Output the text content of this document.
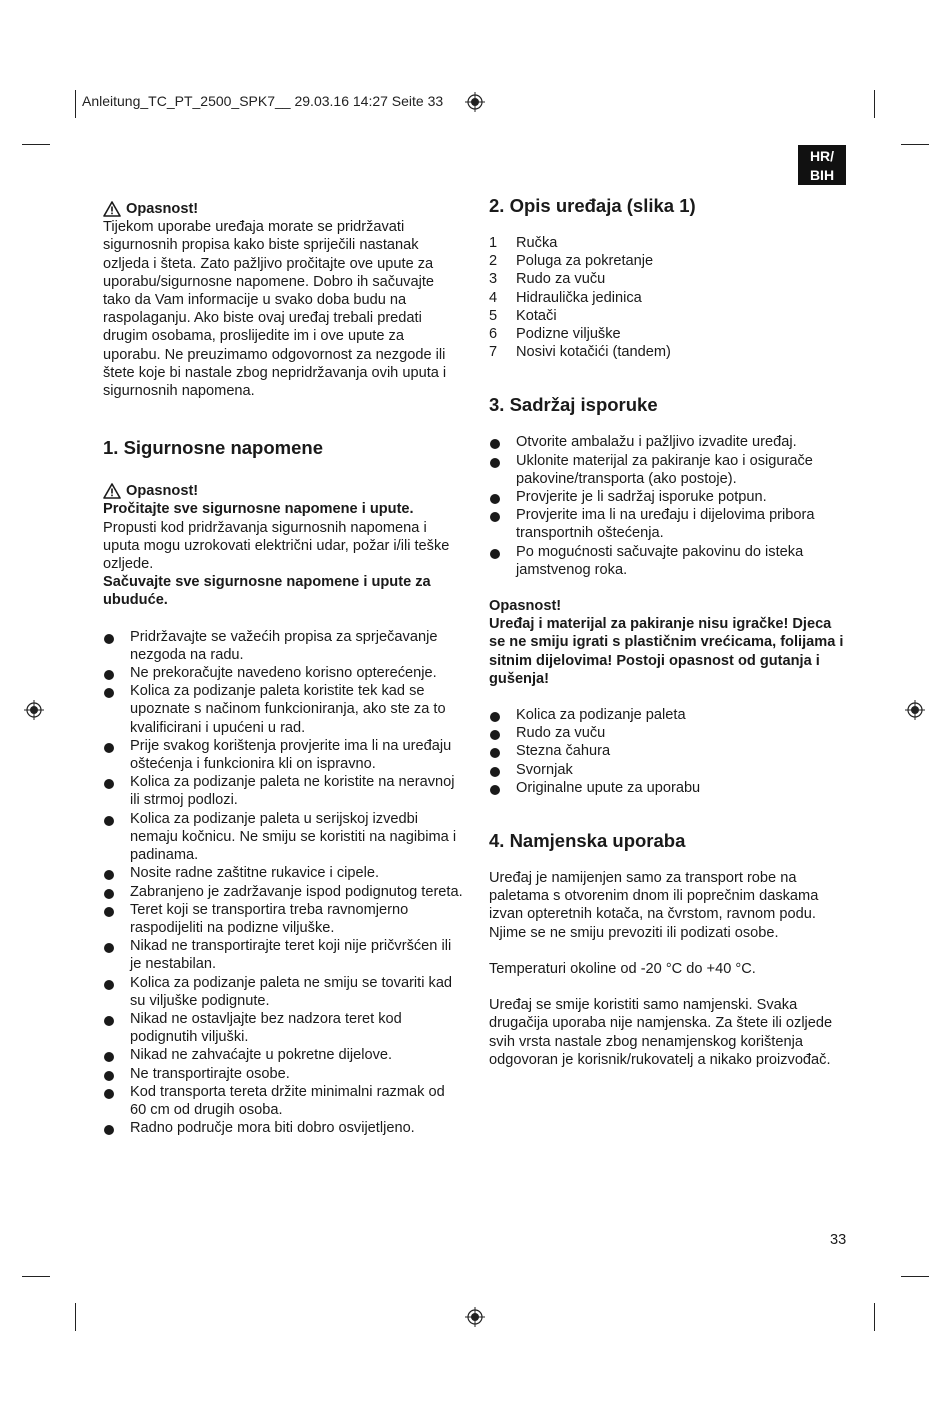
Anleitung_TC_PT_2500_SPK7__ 29.03.16 14:27 Seite 33
HR/
BIH
Opasnost!

Tijekom uporabe uređaja morate se pridržavati sigurnosnih propisa kako biste spriječili nastanak ozljeda i šteta. Zato pažljivo pročitajte ove upute za uporabu/sigurnosne napomene. Dobro ih sačuvajte tako da Vam informacije u svako doba budu na raspolaganju. Ako biste ovaj uređaj trebali predati drugim osobama, proslijedite im i ove upute za uporabu. Ne preuzimamo odgovornost za nezgode ili štete koje bi nastale zbog nepridržavanja ovih uputa i sigurnosnih napomena.

1. Sigurnosne napomene
Opasnost!

Pročitajte sve sigurnosne napomene i upute.

Propusti kod pridržavanja sigurnosnih napomena i uputa mogu uzrokovati električni udar, požar i/ili teške ozljede.

Sačuvajte sve sigurnosne napomene i upute za ubuduće.

Pridržavajte se važećih propisa za sprječavanje nezgoda na radu.
Ne prekoračujte navedeno korisno opterećenje.
Kolica za podizanje paleta koristite tek kad se upoznate s načinom funkcioniranja, ako ste za to kvalificirani i upućeni u rad.
Prije svakog korištenja provjerite ima li na uređaju oštećenja i funkcionira kli on ispravno.
Kolica za podizanje paleta ne koristite na neravnoj ili strmoj podlozi.
Kolica za podizanje paleta u serijskoj izvedbi nemaju kočnicu. Ne smiju se koristiti na nagibima i padinama.
Nosite radne zaštitne rukavice i cipele.
Zabranjeno je zadržavanje ispod podignutog tereta.
Teret koji se transportira treba ravnomjerno raspodijeliti na podizne viljuške.
Nikad ne transportirajte teret koji nije pričvršćen ili je nestabilan.
Kolica za podizanje paleta ne smiju se tovariti kad su viljuške podignute.
Nikad ne ostavljajte bez nadzora teret kod podignutih viljuški.
Nikad ne zahvaćajte u pokretne dijelove.
Ne transportirajte osobe.
Kod transporta tereta držite minimalni razmak od 60 cm od drugih osoba.
Radno područje mora biti dobro osvijetljeno.
2. Opis uređaja (slika 1)
1	Ručka
2	Poluga za pokretanje
3	Rudo za vuču
4	Hidraulička jedinica
5	Kotači
6	Podizne viljuške
7	Nosivi kotačići (tandem)
3. Sadržaj isporuke
Otvorite ambalažu i pažljivo izvadite uređaj.
Uklonite materijal za pakiranje kao i osigurače pakovine/transporta (ako postoje).
Provjerite je li sadržaj isporuke potpun.
Provjerite ima li na uređaju i dijelovima pribora transportnih oštećenja.
Po mogućnosti sačuvajte pakovinu do isteka jamstvenog roka.

Opasnost!

Uređaj i materijal za pakiranje nisu igračke! Djeca se ne smiju igrati s plastičnim vrećicama, folijama i sitnim dijelovima! Postoji opasnost od gutanja i gušenja!

Kolica za podizanje paleta
Rudo za vuču
Stezna čahura
Svornjak
Originalne upute za uporabu
4. Namjenska uporaba

Uređaj je namijenjen samo za transport robe na paletama s otvorenim dnom ili poprečnim daskama izvan opteretnih kotača, na čvrstom, ravnom podu. Njime se ne smiju prevoziti ili podizati osobe.

Temperaturi okoline od -20 °C do +40 °C.

Uređaj se smije koristiti samo namjenski. Svaka drugačija uporaba nije namjenska. Za štete ili ozljede svih vrsta nastale zbog nenamjenskog korištenja odgovoran je korisnik/rukovatelj a nikako proizvođač.

33
